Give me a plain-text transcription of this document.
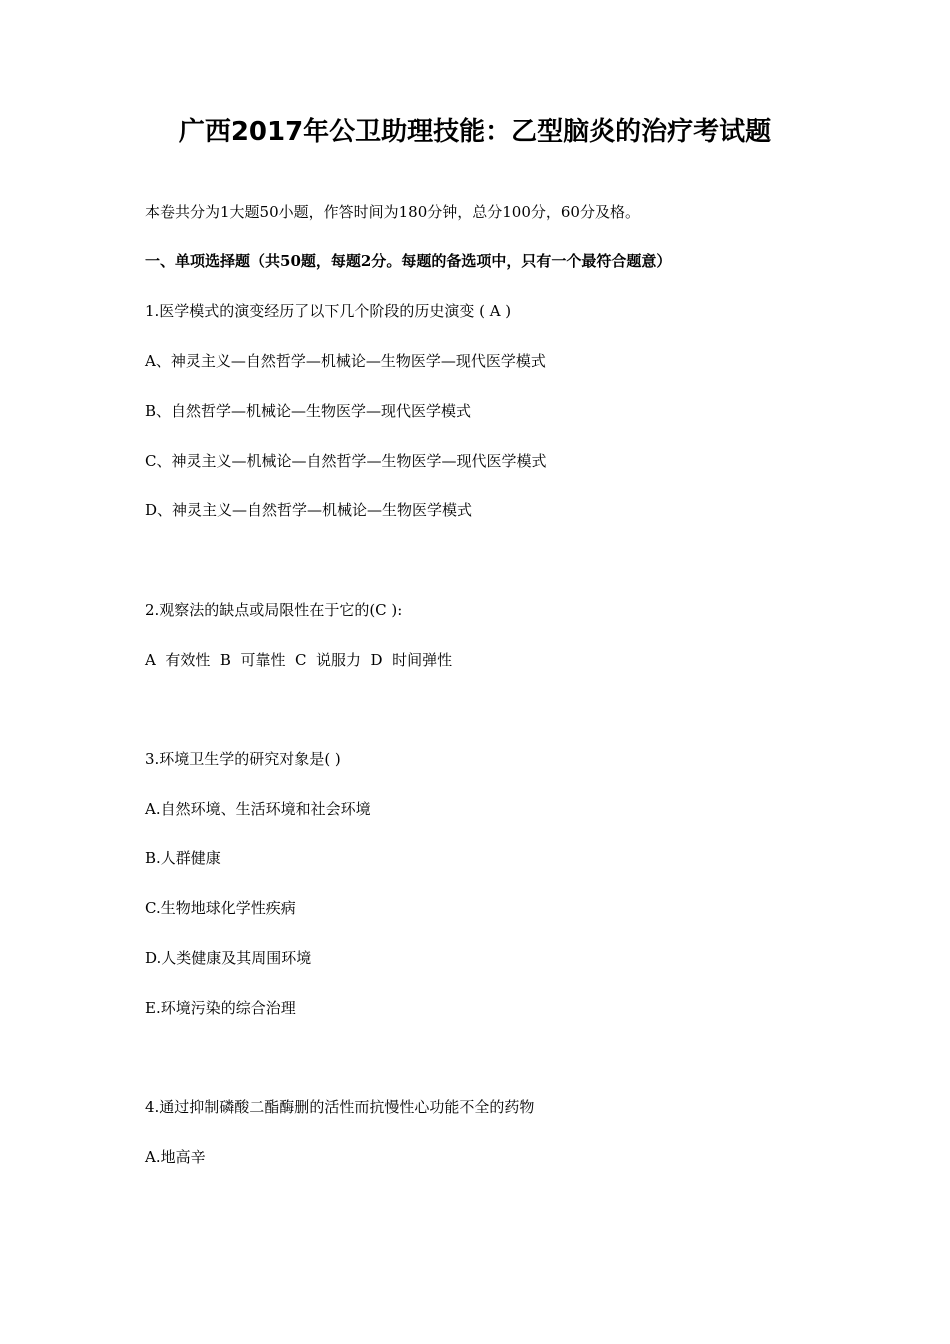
广西2017年公卫助理技能：乙型脑炎的治疗考试题
本卷共分为1大题50小题，作答时间为180分钟，总分100分，60分及格。
一、单项选择题（共50题，每题2分。每题的备选项中，只有一个最符合题意）
1.医学模式的演变经历了以下几个阶段的历史演变 ( A )
A、神灵主义—自然哲学—机械论—生物医学—现代医学模式
B、自然哲学—机械论—生物医学—现代医学模式
C、神灵主义—机械论—自然哲学—生物医学—现代医学模式
D、神灵主义—自然哲学—机械论—生物医学模式
2.观察法的缺点或局限性在于它的(C ):
A  有效性  B  可靠性  C  说服力  D  时间弹性
3.环境卫生学的研究对象是( )
A.自然环境、生活环境和社会环境
B.人群健康
C.生物地球化学性疾病
D.人类健康及其周围环境
E.环境污染的综合治理
4.通过抑制磷酸二酯酶删的活性而抗慢性心功能不全的药物
A.地高辛
